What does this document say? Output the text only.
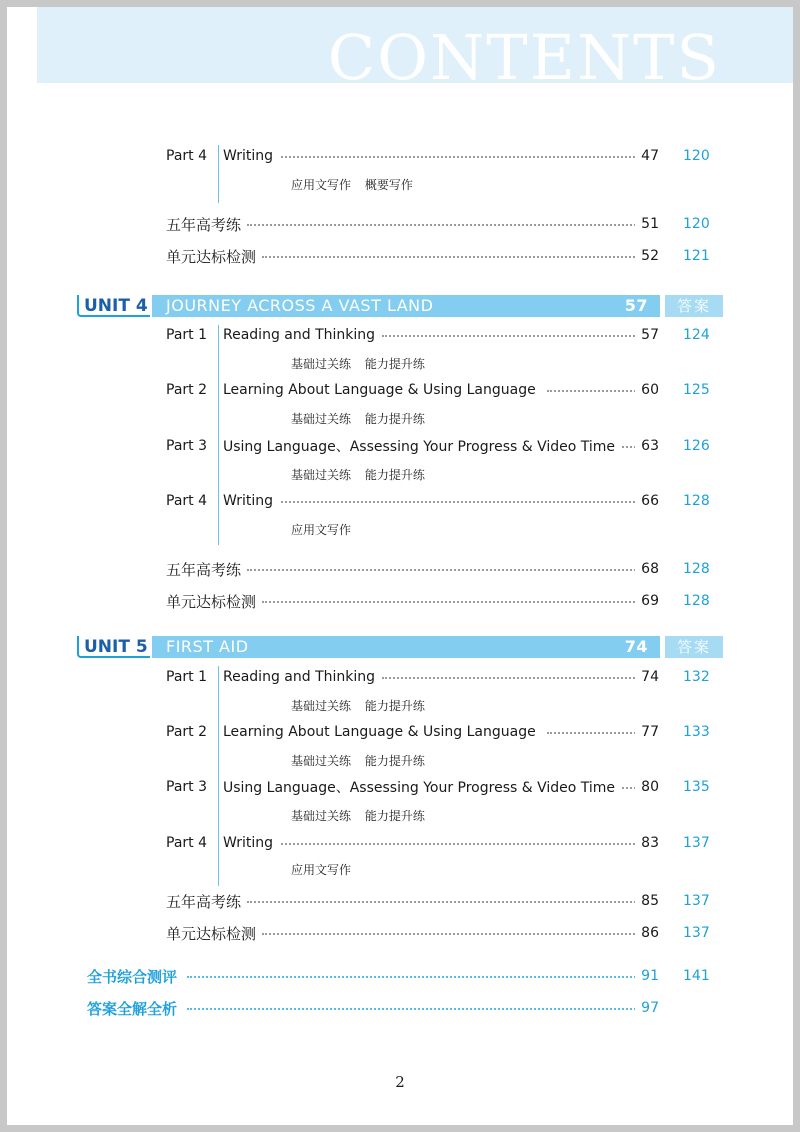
CONTENTS
Part 4 Writing	47 120
应用文写作 概要写作
五年高考练	51 120
单元达标检测	52 121
UNIT 4	JOURNEY ACROSS A VAST LAND	57	答案
Part 1 Reading and Thinking	57 124
基础过关练 能力提升练
Part 2 Learning About Language & Using Language	60 125
基础过关练 能力提升练
Part 3 Using Language、Assessing Your Progress & Video Time	63 126
基础过关练 能力提升练
Part 4 Writing	66 128
应用文写作
五年高考练	68 128
单元达标检测	69 128
UNIT 5	FIRST AID	74	答案
Part 1 Reading and Thinking	74 132
基础过关练 能力提升练
Part 2 Learning About Language & Using Language	77 133
基础过关练 能力提升练
Part 3 Using Language、Assessing Your Progress & Video Time	80 135
基础过关练 能力提升练
Part 4 Writing	83 137
应用文写作
五年高考练	85 137
单元达标检测	86 137
全书综合测评	91 141
答案全解全析	97
2
